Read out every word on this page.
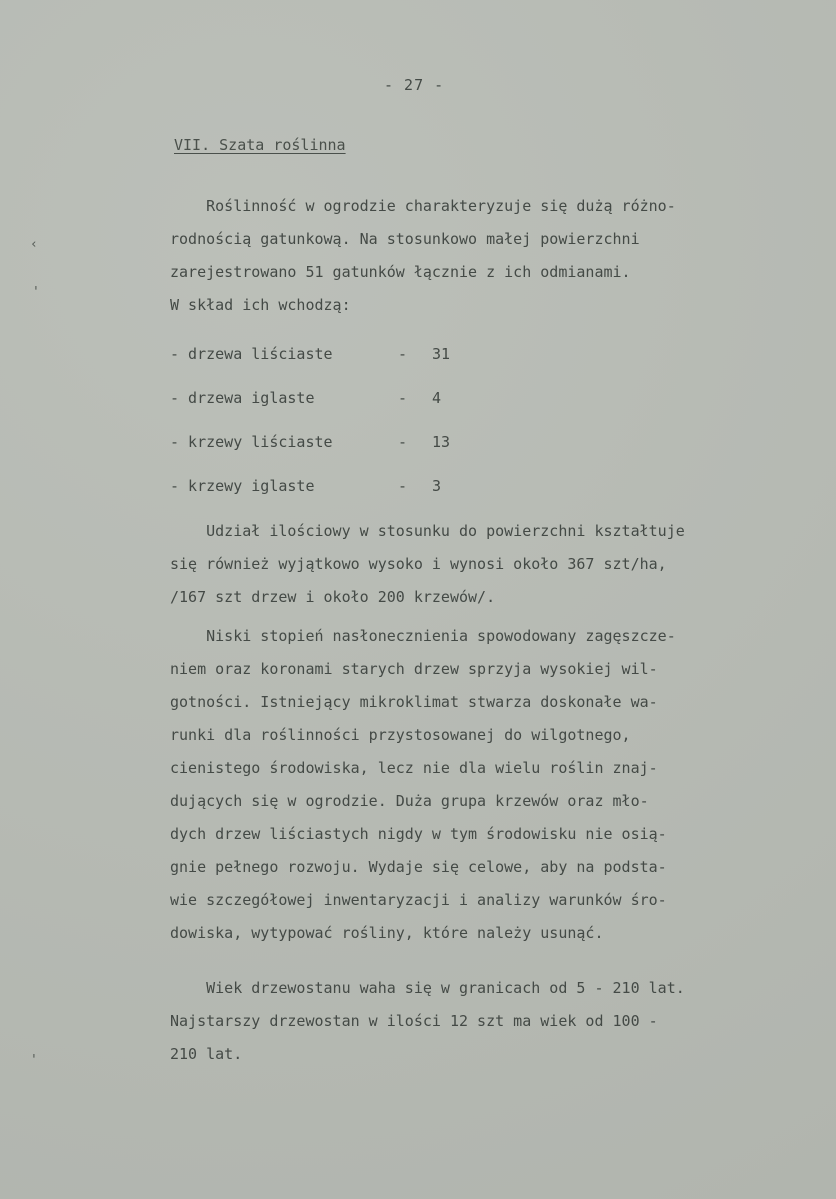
- 27 -
VII. Szata roślinna
Roślinność w ogrodzie charakteryzuje się dużą różno-
rodnością gatunkową. Na stosunkowo małej powierzchni
zarejestrowano 51 gatunków łącznie z ich odmianami.
W skład ich wchodzą:
- drzewa liściaste	-	31
- drzewa iglaste	-	4
- krzewy liściaste	-	13
- krzewy iglaste	-	3
Udział ilościowy w stosunku do powierzchni kształtuje
się również wyjątkowo wysoko i wynosi około 367 szt/ha,
/167 szt drzew i około 200 krzewów/.
Niski stopień nasłonecznienia spowodowany zagęszcze-
niem oraz koronami starych drzew sprzyja wysokiej wil-
gotności. Istniejący mikroklimat stwarza doskonałe wa-
runki dla roślinności przystosowanej do wilgotnego,
cienistego środowiska, lecz nie dla wielu roślin znaj-
dujących się w ogrodzie. Duża grupa krzewów oraz mło-
dych drzew liściastych nigdy w tym środowisku nie osią-
gnie pełnego rozwoju. Wydaje się celowe, aby na podsta-
wie szczegółowej inwentaryzacji i analizy warunków śro-
dowiska, wytypować rośliny, które należy usunąć.
Wiek drzewostanu waha się w granicach od 5 - 210 lat.
Najstarszy drzewostan w ilości 12 szt ma wiek od 100 -
210 lat.
‹
'
'
